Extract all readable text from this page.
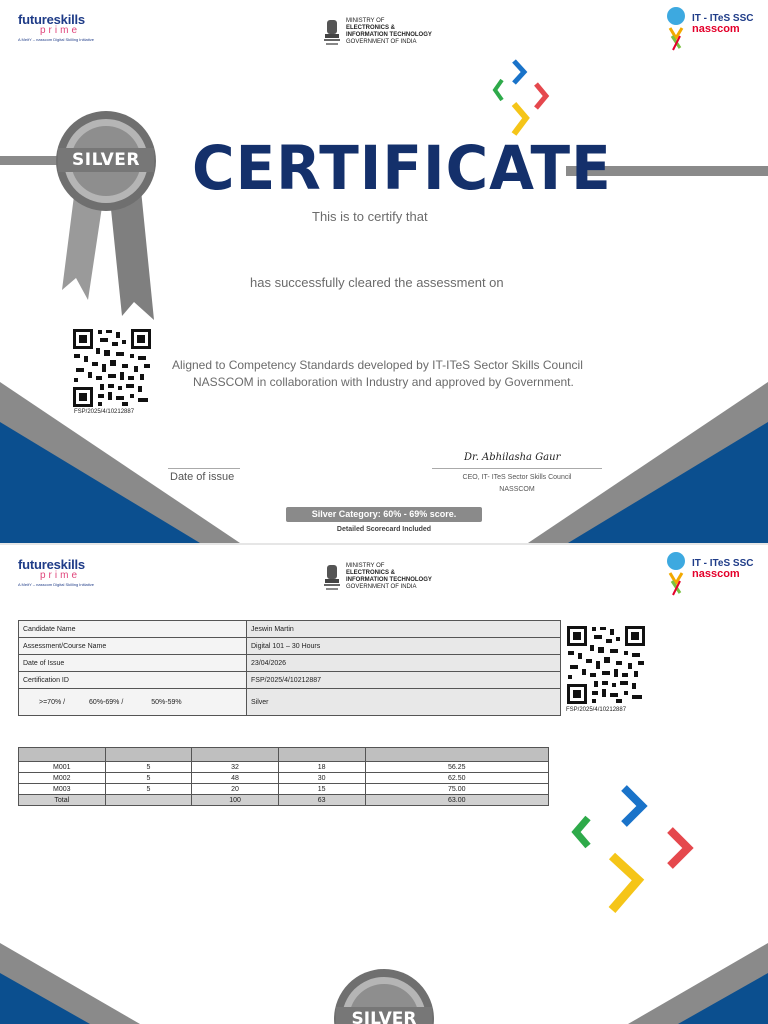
futureskills
prime
A MeitY – nasscom Digital Skilling Initiative
MINISTRY OF
ELECTRONICS &
INFORMATION TECHNOLOGY
GOVERNMENT OF INDIA
IT - ITeS SSC
nasscom
SILVER CERTIFICATE
This is to certify that
has successfully cleared the assessment on
FSP/2025/4/10212887
Aligned to Competency Standards developed by IT-ITeS Sector Skills Council
NASSCOM in collaboration with Industry and approved by Government.
Date of issue
Dr. Abhilasha Gaur
CEO, IT- ITeS Sector Skills Council
NASSCOM
Silver Category: 60% - 69% score.
Detailed Scorecard Included
futureskills
prime
A MeitY – nasscom Digital Skilling Initiative
MINISTRY OF
ELECTRONICS &
INFORMATION TECHNOLOGY
GOVERNMENT OF INDIA
IT - ITeS SSC
nasscom
Candidate Name	Jeswin Martin
Assessment/Course Name	Digital 101 – 30 Hours
Date of Issue	23/04/2026
Certification ID	FSP/2025/4/10212887
>=70% / 60%-69% / 50%-59%	Silver
FSP/2025/4/10212887

M001	5	32	18	56.25
M002	5	48	30	62.50
M003	5	20	15	75.00
Total		100	63	63.00
SILVER
